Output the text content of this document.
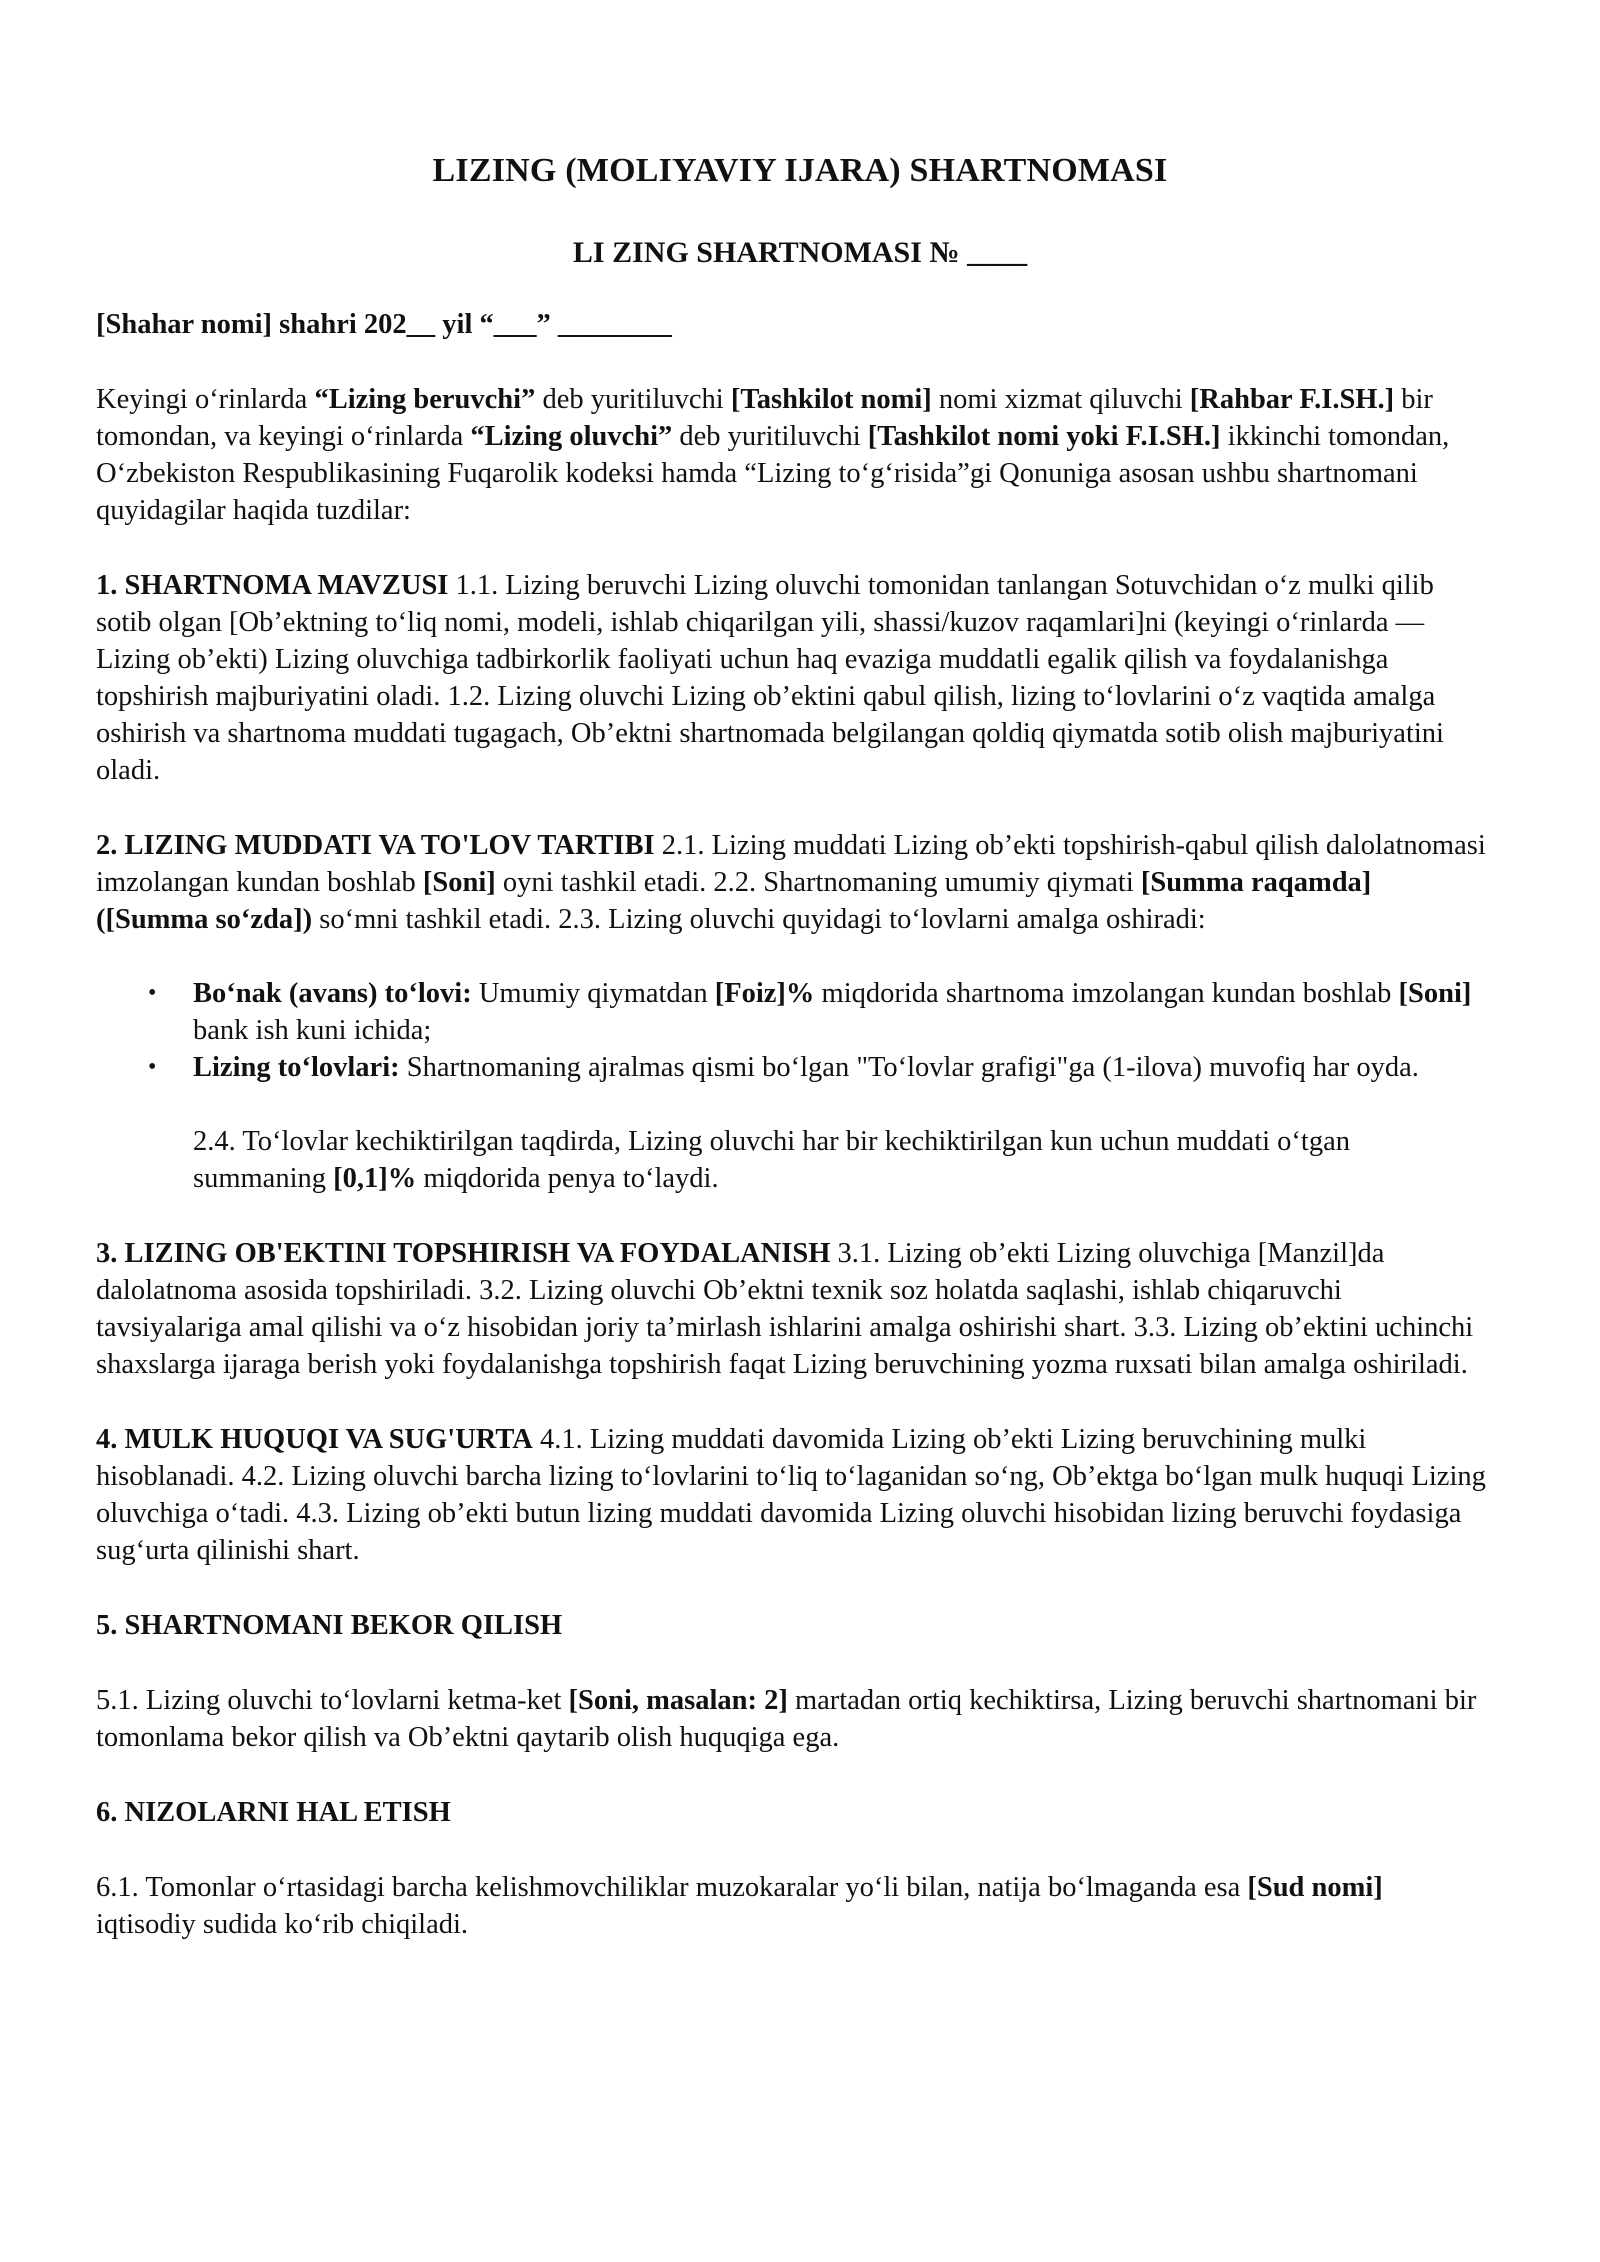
LIZING (MOLIYAVIY IJARA) SHARTNOMASI
LI ZING SHARTNOMASI № ____
[Shahar nomi] shahri 202__ yil “___” ________

Keyingi o‘rinlarda “Lizing beruvchi” deb yuritiluvchi [Tashkilot nomi] nomi xizmat qiluvchi [Rahbar F.I.SH.] bir tomondan, va keyingi o‘rinlarda “Lizing oluvchi” deb yuritiluvchi [Tashkilot nomi yoki F.I.SH.] ikkinchi tomondan, O‘zbekiston Respublikasining Fuqarolik kodeksi hamda “Lizing to‘g‘risida”gi Qonuniga asosan ushbu shartnomani quyidagilar haqida tuzdilar:

1. SHARTNOMA MAVZUSI 1.1. Lizing beruvchi Lizing oluvchi tomonidan tanlangan Sotuvchidan o‘z mulki qilib sotib olgan [Ob’ektning to‘liq nomi, modeli, ishlab chiqarilgan yili, shassi/kuzov raqamlari]ni (keyingi o‘rinlarda — Lizing ob’ekti) Lizing oluvchiga tadbirkorlik faoliyati uchun haq evaziga muddatli egalik qilish va foydalanishga topshirish majburiyatini oladi. 1.2. Lizing oluvchi Lizing ob’ektini qabul qilish, lizing to‘lovlarini o‘z vaqtida amalga oshirish va shartnoma muddati tugagach, Ob’ektni shartnomada belgilangan qoldiq qiymatda sotib olish majburiyatini oladi.

2. LIZING MUDDATI VA TO'LOV TARTIBI 2.1. Lizing muddati Lizing ob’ekti topshirish-qabul qilish dalolatnomasi imzolangan kundan boshlab [Soni] oyni tashkil etadi. 2.2. Shartnomaning umumiy qiymati [Summa raqamda] ([Summa so‘zda]) so‘mni tashkil etadi. 2.3. Lizing oluvchi quyidagi to‘lovlarni amalga oshiradi:

• Bo‘nak (avans) to‘lovi: Umumiy qiymatdan [Foiz]% miqdorida shartnoma imzolangan kundan boshlab [Soni] bank ish kuni ichida;
• Lizing to‘lovlari: Shartnomaning ajralmas qismi bo‘lgan "To‘lovlar grafigi"ga (1-ilova) muvofiq har oyda.

2.4. To‘lovlar kechiktirilgan taqdirda, Lizing oluvchi har bir kechiktirilgan kun uchun muddati o‘tgan summaning [0,1]% miqdorida penya to‘laydi.

3. LIZING OB'EKTINI TOPSHIRISH VA FOYDALANISH 3.1. Lizing ob’ekti Lizing oluvchiga [Manzil]da dalolatnoma asosida topshiriladi. 3.2. Lizing oluvchi Ob’ektni texnik soz holatda saqlashi, ishlab chiqaruvchi tavsiyalariga amal qilishi va o‘z hisobidan joriy ta’mirlash ishlarini amalga oshirishi shart. 3.3. Lizing ob’ektini uchinchi shaxslarga ijaraga berish yoki foydalanishga topshirish faqat Lizing beruvchining yozma ruxsati bilan amalga oshiriladi.

4. MULK HUQUQI VA SUG'URTA 4.1. Lizing muddati davomida Lizing ob’ekti Lizing beruvchining mulki hisoblanadi. 4.2. Lizing oluvchi barcha lizing to‘lovlarini to‘liq to‘laganidan so‘ng, Ob’ektga bo‘lgan mulk huquqi Lizing oluvchiga o‘tadi. 4.3. Lizing ob’ekti butun lizing muddati davomida Lizing oluvchi hisobidan lizing beruvchi foydasiga sug‘urta qilinishi shart.

5. SHARTNOMANI BEKOR QILISH

5.1. Lizing oluvchi to‘lovlarni ketma-ket [Soni, masalan: 2] martadan ortiq kechiktirsa, Lizing beruvchi shartnomani bir tomonlama bekor qilish va Ob’ektni qaytarib olish huquqiga ega.

6. NIZOLARNI HAL ETISH

6.1. Tomonlar o‘rtasidagi barcha kelishmovchiliklar muzokaralar yo‘li bilan, natija bo‘lmaganda esa [Sud nomi] iqtisodiy sudida ko‘rib chiqiladi.
